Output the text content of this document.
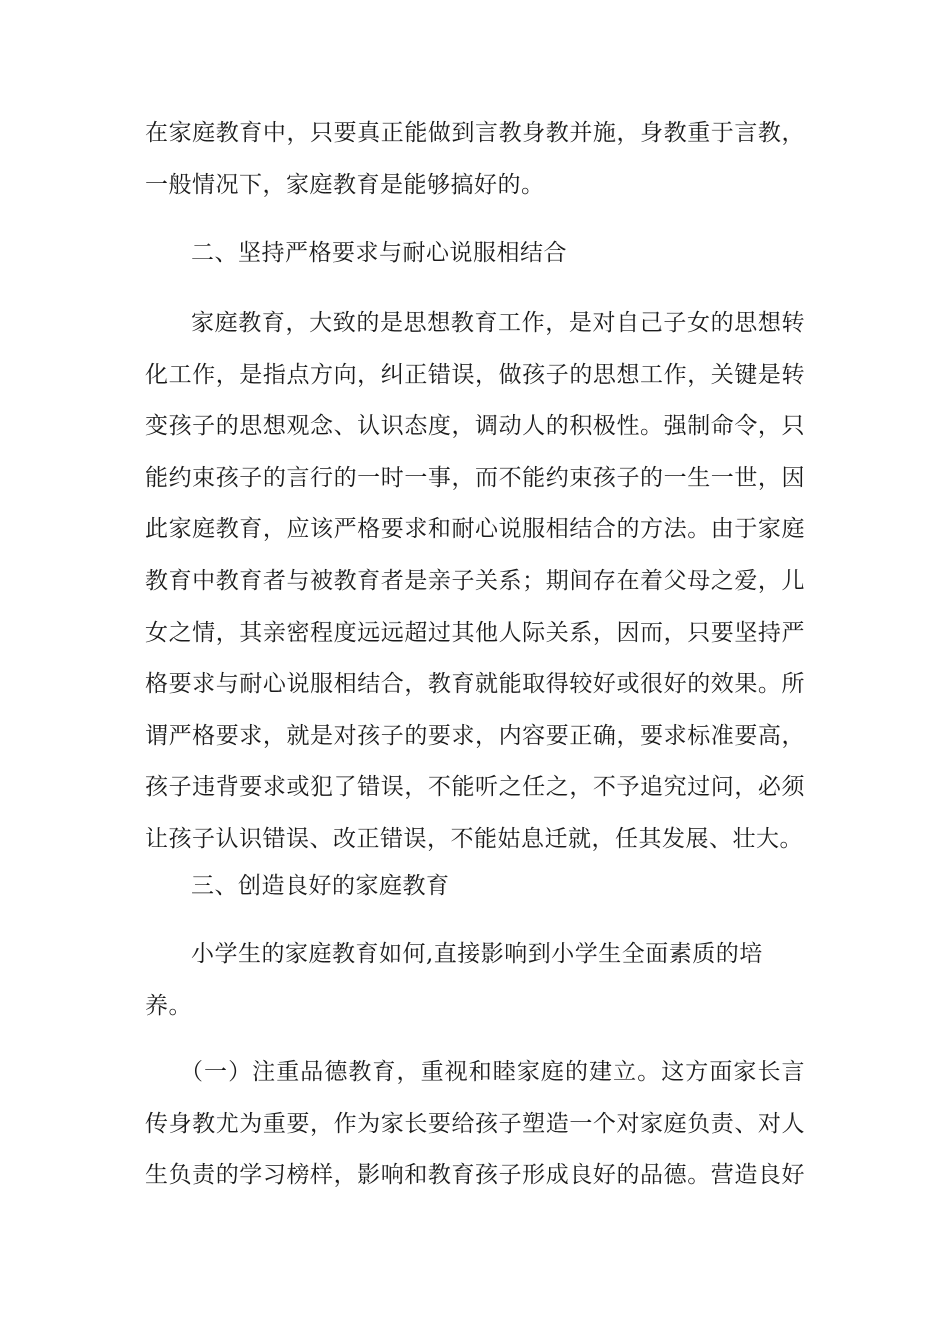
在家庭教育中，只要真正能做到言教身教并施，身教重于言教，
一般情况下，家庭教育是能够搞好的。
二、坚持严格要求与耐心说服相结合
家庭教育，大致的是思想教育工作，是对自己子女的思想转
化工作，是指点方向，纠正错误，做孩子的思想工作，关键是转
变孩子的思想观念、认识态度，调动人的积极性。强制命令，只
能约束孩子的言行的一时一事，而不能约束孩子的一生一世，因
此家庭教育，应该严格要求和耐心说服相结合的方法。由于家庭
教育中教育者与被教育者是亲子关系；期间存在着父母之爱，儿
女之情，其亲密程度远远超过其他人际关系，因而，只要坚持严
格要求与耐心说服相结合，教育就能取得较好或很好的效果。所
谓严格要求，就是对孩子的要求，内容要正确，要求标准要高，
孩子违背要求或犯了错误，不能听之任之，不予追究过问，必须
让孩子认识错误、改正错误，不能姑息迁就，任其发展、壮大。
三、创造良好的家庭教育
小学生的家庭教育如何,直接影响到小学生全面素质的培
养。
（一）注重品德教育，重视和睦家庭的建立。这方面家长言
传身教尤为重要，作为家长要给孩子塑造一个对家庭负责、对人
生负责的学习榜样，影响和教育孩子形成良好的品德。营造良好
